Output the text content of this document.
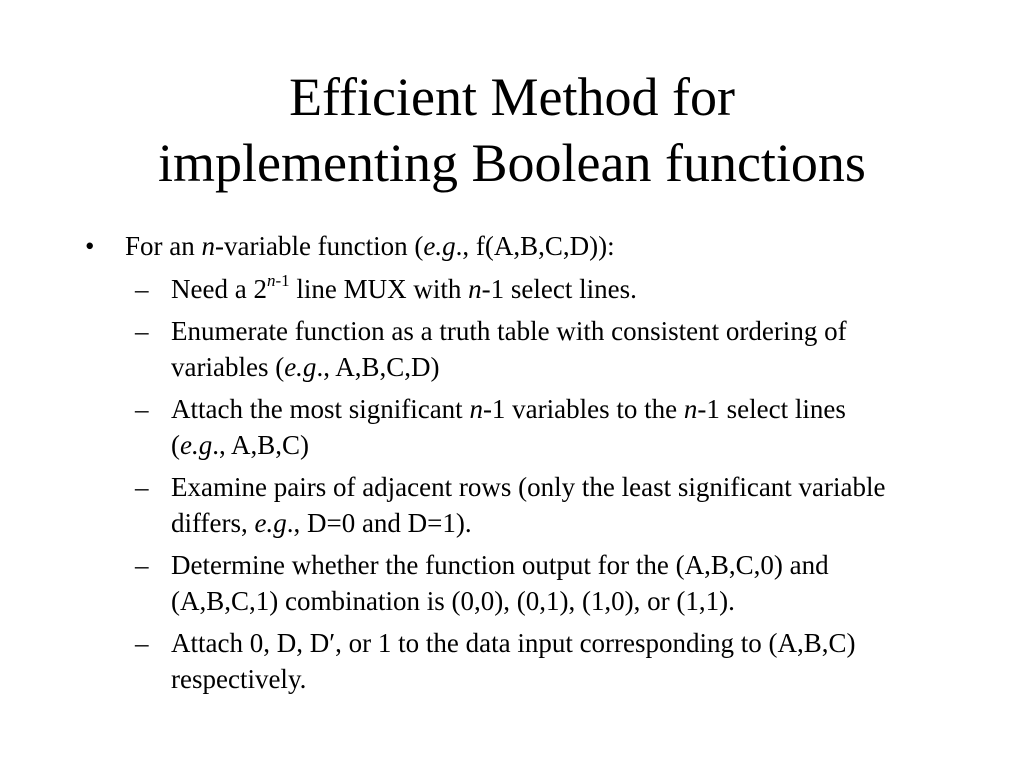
Efficient Method for
implementing Boolean functions
• For an n-variable function (e.g., f(A,B,C,D)):
– Need a 2$^{n-1}$ line MUX with n-1 select lines.
– Enumerate function as a truth table with consistent ordering of variables (e.g., A,B,C,D)
– Attach the most significant n-1 variables to the n-1 select lines (e.g., A,B,C)
– Examine pairs of adjacent rows (only the least significant variable differs, e.g., D=0 and D=1).
– Determine whether the function output for the (A,B,C,0) and (A,B,C,1) combination is (0,0), (0,1), (1,0), or (1,1).
– Attach 0, D, D′, or 1 to the data input corresponding to (A,B,C) respectively.
